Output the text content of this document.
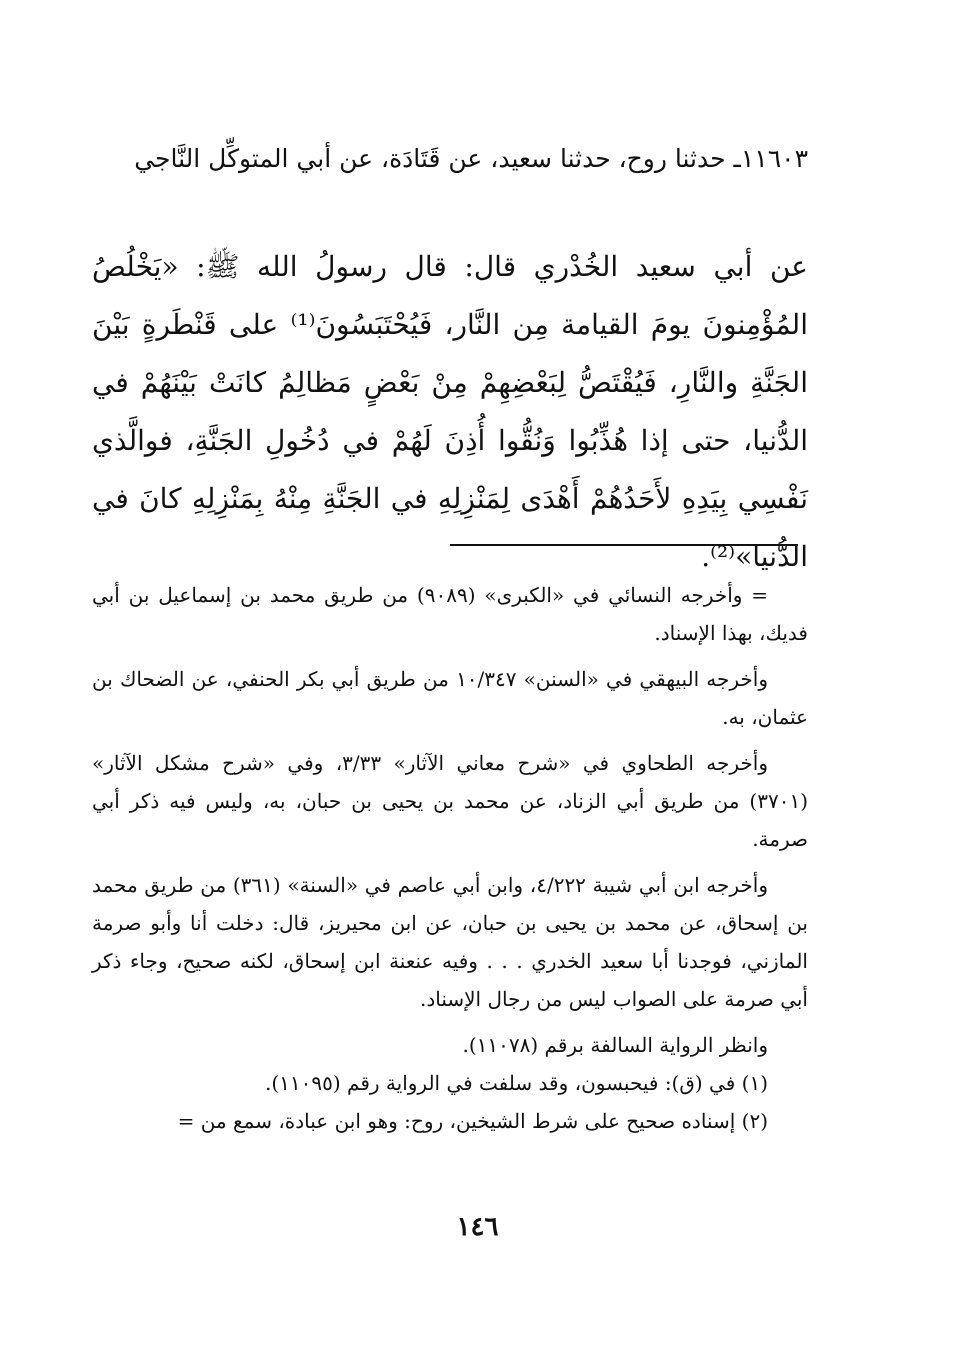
١١٦٠٣ـ حدثنا روح، حدثنا سعيد، عن قَتَادَة، عن أبي المتوكِّل النَّاجي

عن أبي سعيد الخُدْري قال: قال رسولُ الله ﷺ: «يَخْلُصُ المُؤْمِنونَ يومَ القيامة مِن النَّار، فَيُحْتَبَسُونَ⁽¹⁾ على قَنْطَرةٍ بَيْنَ الجَنَّةِ والنَّارِ، فَيُقْتَصُّ لِبَعْضِهِمْ مِنْ بَعْضٍ مَظالِمُ كانَتْ بَيْنَهُمْ في الدُّنيا، حتى إذا هُذِّبُوا وَنُقُّوا أُذِنَ لَهُمْ في دُخُولِ الجَنَّةِ، فوالَّذي نَفْسِي بِيَدِهِ لأَحَدُهُمْ أَهْدَى لِمَنْزِلِهِ في الجَنَّةِ مِنْهُ بِمَنْزِلِهِ كانَ في الدُّنيا»⁽²⁾.

= وأخرجه النسائي في «الكبرى» (٩٠٨٩) من طريق محمد بن إسماعيل بن أبي فديك، بهذا الإسناد.

وأخرجه البيهقي في «السنن» ١٠/٣٤٧ من طريق أبي بكر الحنفي، عن الضحاك بن عثمان، به.

وأخرجه الطحاوي في «شرح معاني الآثار» ٣/٣٣، وفي «شرح مشكل الآثار» (٣٧٠١) من طريق أبي الزناد، عن محمد بن يحيى بن حبان، به، وليس فيه ذكر أبي صرمة.

وأخرجه ابن أبي شيبة ٤/٢٢٢، وابن أبي عاصم في «السنة» (٣٦١) من طريق محمد بن إسحاق، عن محمد بن يحيى بن حبان، عن ابن محيريز، قال: دخلت أنا وأبو صرمة المازني، فوجدنا أبا سعيد الخدري . . . وفيه عنعنة ابن إسحاق، لكنه صحيح، وجاء ذكر أبي صرمة على الصواب ليس من رجال الإسناد.

وانظر الرواية السالفة برقم (١١٠٧٨).

(١) في (ق): فيحبسون، وقد سلفت في الرواية رقم (١١٠٩٥).

(٢) إسناده صحيح على شرط الشيخين، روح: وهو ابن عبادة، سمع من =

١٤٦
